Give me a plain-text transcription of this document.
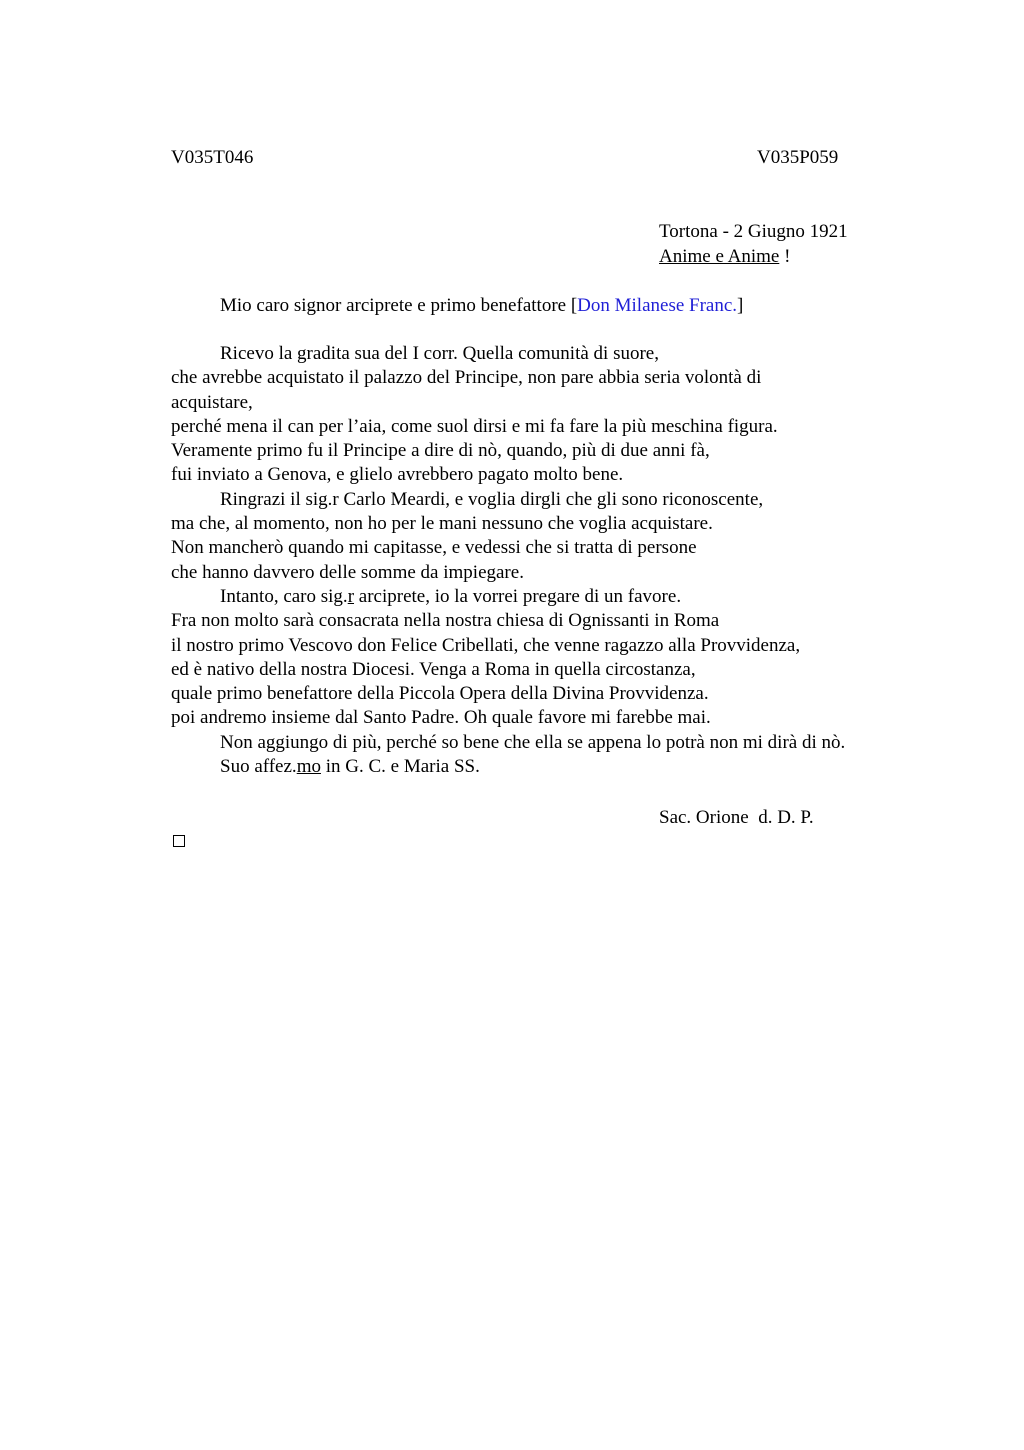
V035T046	V035P059
Tortona - 2 Giugno 1921
Anime e Anime !
Mio caro signor arciprete e primo benefattore [Don Milanese Franc.]
Ricevo la gradita sua del I corr. Quella comunità di suore,
che avrebbe acquistato il palazzo del Principe, non pare abbia seria volontà di
acquistare,
perché mena il can per l’aia, come suol dirsi e mi fa fare la più meschina figura.
Veramente primo fu il Principe a dire di nò, quando, più di due anni fà,
fui inviato a Genova, e glielo avrebbero pagato molto bene.
Ringrazi il sig.r Carlo Meardi, e voglia dirgli che gli sono riconoscente,
ma che, al momento, non ho per le mani nessuno che voglia acquistare.
Non mancherò quando mi capitasse, e vedessi che si tratta di persone
che hanno davvero delle somme da impiegare.
Intanto, caro sig.r arciprete, io la vorrei pregare di un favore.
Fra non molto sarà consacrata nella nostra chiesa di Ognissanti in Roma
il nostro primo Vescovo don Felice Cribellati, che venne ragazzo alla Provvidenza,
ed è nativo della nostra Diocesi. Venga a Roma in quella circostanza,
quale primo benefattore della Piccola Opera della Divina Provvidenza.
poi andremo insieme dal Santo Padre. Oh quale favore mi farebbe mai.
Non aggiungo di più, perché so bene che ella se appena lo potrà non mi dirà di nò.
Suo affez.mo in G. C. e Maria SS.
Sac. Orione  d. D. P.
